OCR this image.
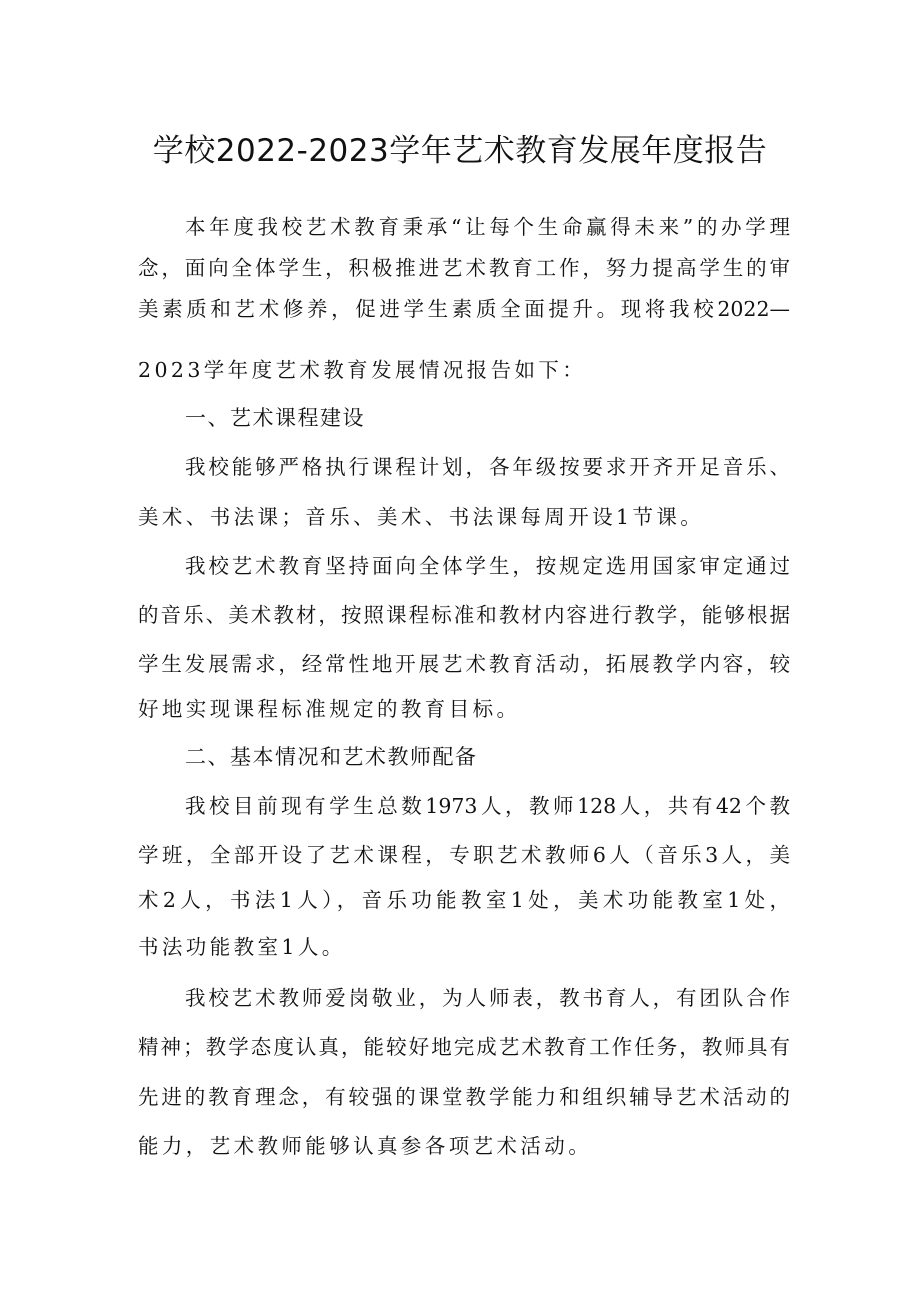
学校2022-2023学年艺术教育发展年度报告

本年度我校艺术教育秉承“让每个生命赢得未来”的办学理

念，面向全体学生，积极推进艺术教育工作，努力提高学生的审

美素质和艺术修养，促进学生素质全面提升。现将我校2022—

2023学年度艺术教育发展情况报告如下：

一、艺术课程建设

我校能够严格执行课程计划，各年级按要求开齐开足音乐、

美术、书法课；音乐、美术、书法课每周开设1节课。

我校艺术教育坚持面向全体学生，按规定选用国家审定通过

的音乐、美术教材，按照课程标准和教材内容进行教学，能够根据

学生发展需求，经常性地开展艺术教育活动，拓展教学内容，较

好地实现课程标准规定的教育目标。

二、基本情况和艺术教师配备

我校目前现有学生总数1973人，教师128人，共有42个教

学班，全部开设了艺术课程，专职艺术教师6人（音乐3人，美

术2人，书法1人），音乐功能教室1处，美术功能教室1处，

书法功能教室1人。

我校艺术教师爱岗敬业，为人师表，教书育人，有团队合作

精神；教学态度认真，能较好地完成艺术教育工作任务，教师具有

先进的教育理念，有较强的课堂教学能力和组织辅导艺术活动的

能力，艺术教师能够认真参各项艺术活动。
